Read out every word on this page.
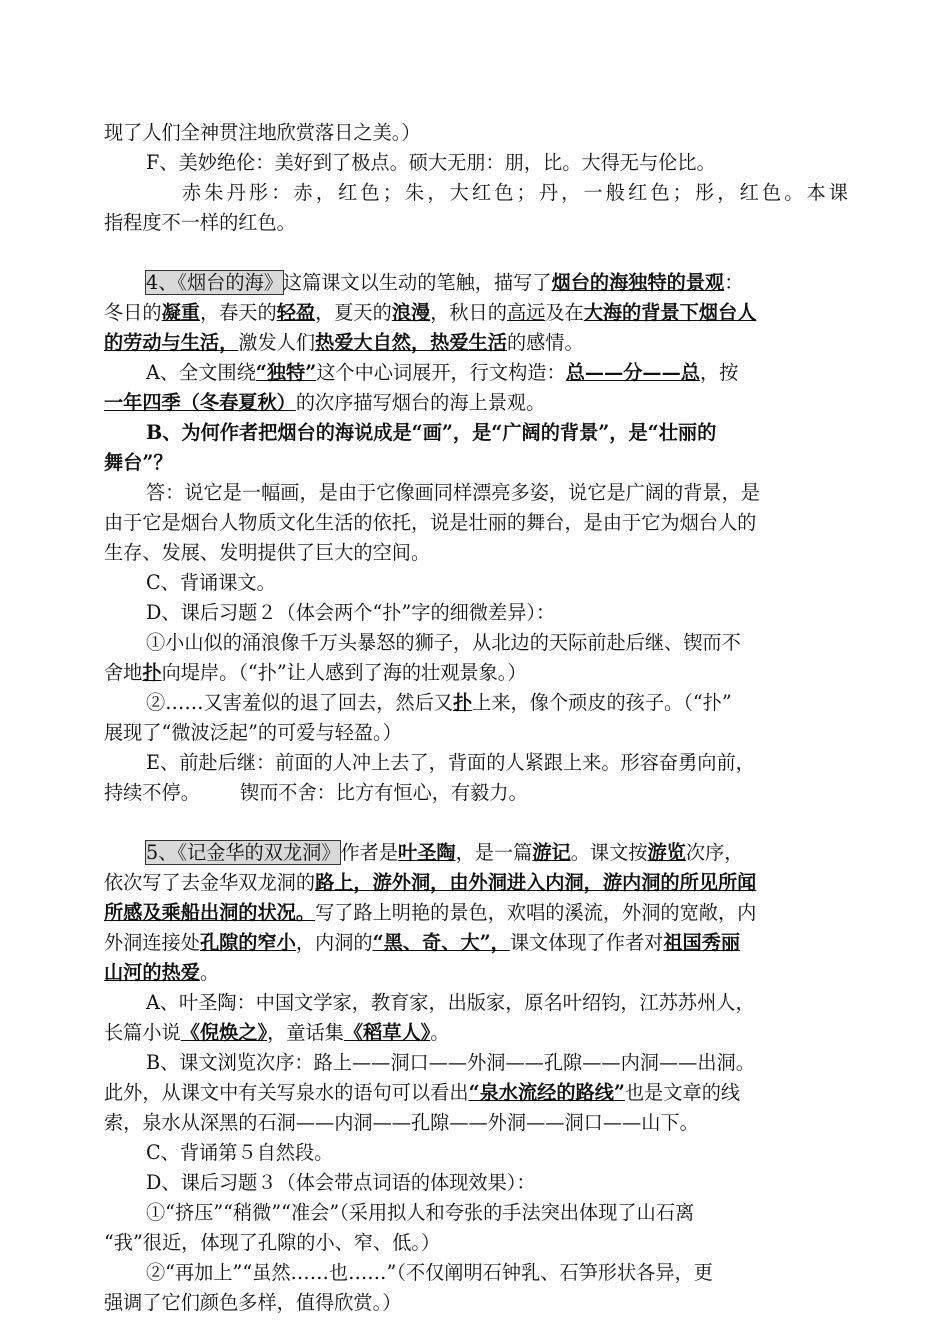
现了人们全神贯注地欣赏落日之美。）
F、美妙绝伦：美好到了极点。硕大无朋：朋，比。大得无与伦比。
赤朱丹彤：赤，红色；朱，大红色；丹，一般红色；彤，红色。本课
指程度不一样的红色。
4、《烟台的海》这篇课文以生动的笔触，描写了烟台的海独特的景观：
冬日的凝重，春天的轻盈，夏天的浪漫，秋日的高远及在大海的背景下烟台人
的劳动与生活，激发人们热爱大自然，热爱生活的感情。
A、全文围绕“独特”这个中心词展开，行文构造：总——分——总，按
一年四季（冬春夏秋）的次序描写烟台的海上景观。
B、为何作者把烟台的海说成是“画”，是“广阔的背景”，是“壮丽的
舞台”？
答：说它是一幅画，是由于它像画同样漂亮多姿，说它是广阔的背景，是
由于它是烟台人物质文化生活的依托，说是壮丽的舞台，是由于它为烟台人的
生存、发展、发明提供了巨大的空间。
C、背诵课文。
D、课后习题２（体会两个“扑”字的细微差异）：
①小山似的涌浪像千万头暴怒的狮子，从北边的天际前赴后继、锲而不
舍地扑向堤岸。（“扑”让人感到了海的壮观景象。）
②……又害羞似的退了回去，然后又扑上来，像个顽皮的孩子。（“扑”
展现了“微波泛起”的可爱与轻盈。）
E、前赴后继：前面的人冲上去了，背面的人紧跟上来。形容奋勇向前，
持续不停。 锲而不舍：比方有恒心，有毅力。
5、《记金华的双龙洞》作者是叶圣陶，是一篇游记。课文按游览次序，
依次写了去金华双龙洞的路上，游外洞，由外洞进入内洞，游内洞的所见所闻
所感及乘船出洞的状况。写了路上明艳的景色，欢唱的溪流，外洞的宽敞，内
外洞连接处孔隙的窄小，内洞的“黑、奇、大”，课文体现了作者对祖国秀丽
山河的热爱。
A、叶圣陶：中国文学家，教育家，出版家，原名叶绍钧，江苏苏州人，
长篇小说《倪焕之》，童话集《稻草人》。
B、课文浏览次序：路上——洞口——外洞——孔隙——内洞——出洞。
此外，从课文中有关写泉水的语句可以看出“泉水流经的路线”也是文章的线
索，泉水从深黑的石洞——内洞——孔隙——外洞——洞口——山下。
C、背诵第５自然段。
D、课后习题３（体会带点词语的体现效果）：
①“挤压”“稍微”“准会”（采用拟人和夸张的手法突出体现了山石离
“我”很近，体现了孔隙的小、窄、低。）
②“再加上”“虽然……也……”（不仅阐明石钟乳、石笋形状各异，更
强调了它们颜色多样，值得欣赏。）
